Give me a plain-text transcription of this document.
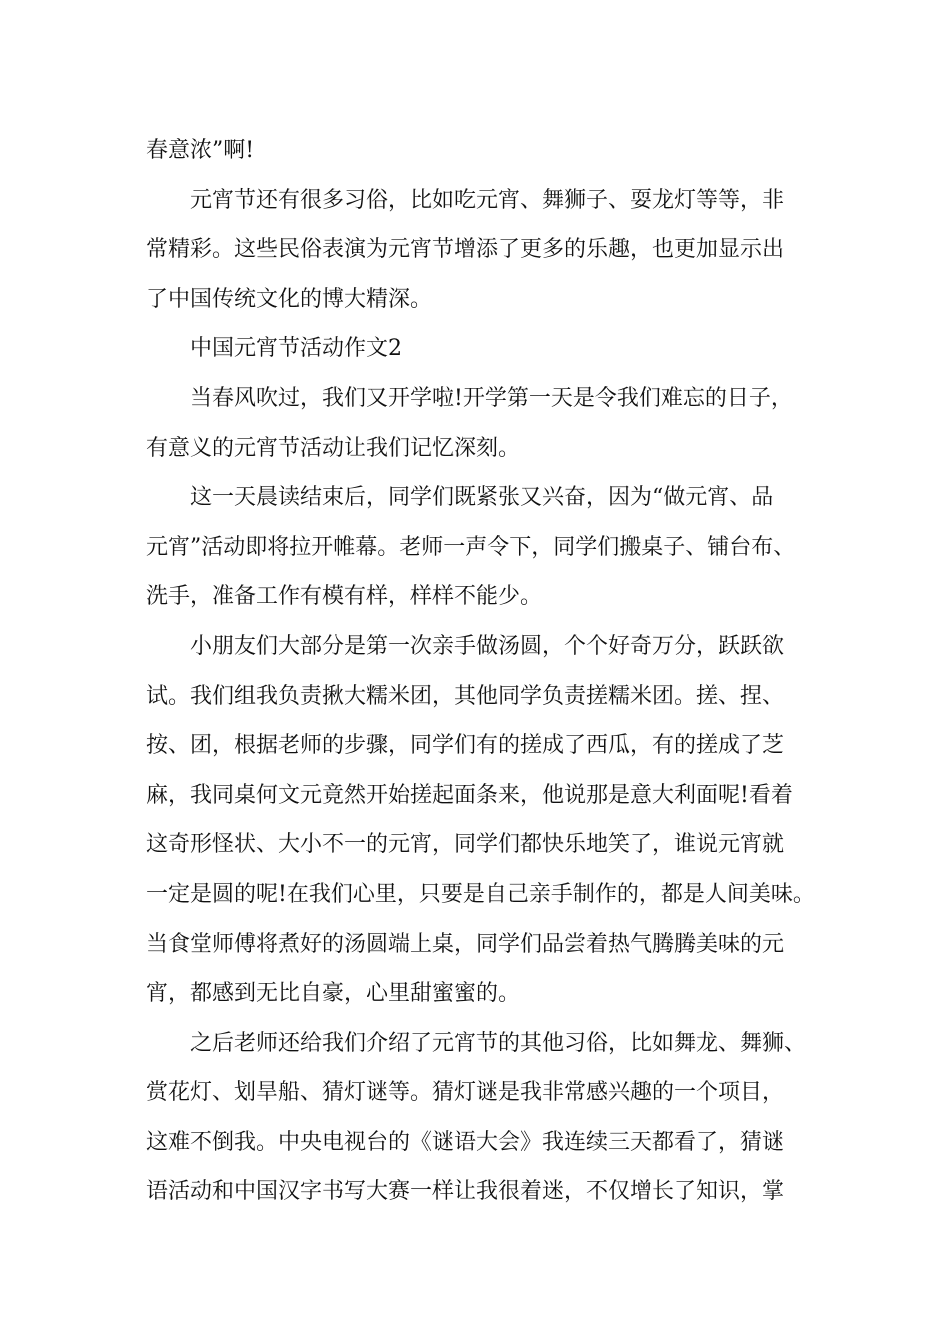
春意浓”啊!
元宵节还有很多习俗，比如吃元宵、舞狮子、耍龙灯等等，非
常精彩。这些民俗表演为元宵节增添了更多的乐趣，也更加显示出
了中国传统文化的博大精深。
中国元宵节活动作文2
当春风吹过，我们又开学啦!开学第一天是令我们难忘的日子，
有意义的元宵节活动让我们记忆深刻。
这一天晨读结束后，同学们既紧张又兴奋，因为“做元宵、品
元宵”活动即将拉开帷幕。老师一声令下，同学们搬桌子、铺台布、
洗手，准备工作有模有样，样样不能少。
小朋友们大部分是第一次亲手做汤圆，个个好奇万分，跃跃欲
试。我们组我负责揪大糯米团，其他同学负责搓糯米团。搓、捏、
按、团，根据老师的步骤，同学们有的搓成了西瓜，有的搓成了芝
麻，我同桌何文元竟然开始搓起面条来，他说那是意大利面呢!看着
这奇形怪状、大小不一的元宵，同学们都快乐地笑了，谁说元宵就
一定是圆的呢!在我们心里，只要是自己亲手制作的，都是人间美味。
当食堂师傅将煮好的汤圆端上桌，同学们品尝着热气腾腾美味的元
宵，都感到无比自豪，心里甜蜜蜜的。
之后老师还给我们介绍了元宵节的其他习俗，比如舞龙、舞狮、
赏花灯、划旱船、猜灯谜等。猜灯谜是我非常感兴趣的一个项目，
这难不倒我。中央电视台的《谜语大会》我连续三天都看了，猜谜
语活动和中国汉字书写大赛一样让我很着迷，不仅增长了知识，掌
